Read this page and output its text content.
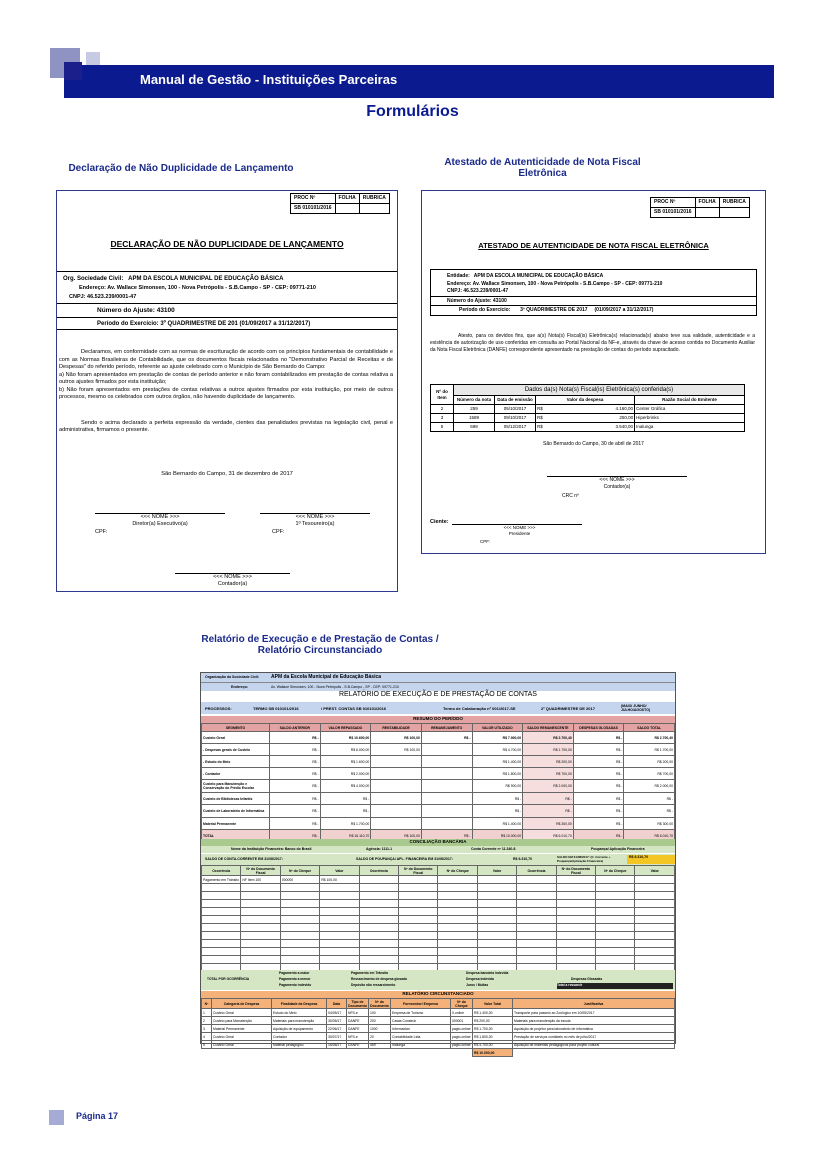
Manual de Gestão - Instituições Parceiras
Formulários
Declaração de Não Duplicidade de Lançamento
Atestado de Autenticidade de Nota Fiscal
Eletrônica
PROC Nº	FOLHA	RUBRICA
SB 010101/2016		
DECLARAÇÃO DE NÃO DUPLICIDADE DE LANÇAMENTO
Org. Sociedade Civil: APM DA ESCOLA MUNICIPAL DE EDUCAÇÃO BÁSICA
Endereço: Av. Wallace Simonsen, 100 - Nova Petrópolis - S.B.Campo - SP - CEP: 09771-210
CNPJ: 46.523.239/0001-47
Número do Ajuste: 43100
Período do Exercício: 3º QUADRIMESTRE DE 201 (01/09/2017 a 31/12/2017)
Declaramos, em conformidade com as normas de escrituração de acordo com os princípios fundamentais de contabilidade e com as Normas Brasileiras de Contabilidade, que os documentos fiscais relacionados no "Demonstrativo Parcial de Receitas e de Despesas" do referido período, referente ao ajuste celebrado com o Município de São Bernardo do Campo:
a) Não foram apresentados em prestação de contas de período anterior e não foram contabilizados em prestação de contas relativa a outros ajustes firmados por esta instituição;
b) Não foram apresentados em prestações de contas relativas a outros ajustes firmados por esta instituição, por meio de outros processos, mesmo os celebrados com outros órgãos, não havendo duplicidade de lançamento.
Sendo o acima declarado a perfeita expressão da verdade, cientes das penalidades previstas na legislação civil, penal e administrativa, firmamos o presente.
São Bernardo do Campo, 31 de dezembro de 2017
<<< NOME >>>
Diretor(a) Executivo(a)
CPF:
<<< NOME >>>
1º Tesoureiro(a)
CPF:
<<< NOME >>>
Contador(a)
PROC Nº	FOLHA	RUBRICA
SB 010101/2016		
ATESTADO DE AUTENTICIDADE DE NOTA FISCAL ELETRÔNICA
Entidade: APM DA ESCOLA MUNICIPAL DE EDUCAÇÃO BÁSICA
Endereço: Av. Wallace Simonsen, 100 - Nova Petrópolis - S.B.Campo - SP - CEP: 09771-210
CNPJ: 46.523.239/0001-47
Número do Ajuste: 43100
Período do Exercício: 3º QUADRIMESTRE DE 2017 (01/09/2017 a 31/12/2017)
Atesto, para os devidos fins, que a(s) Nota(s) Fiscal(is) Eletrônica(s) relacionada(s) abaixo teve sua validade, autenticidade e a existência de autorização de uso conferidas em consulta ao Portal Nacional da NF-e, através da chave de acesso contida no Documento Auxiliar da Nota Fiscal Eletrônica (DANFE) correspondente apresentado na prestação de contas do período supracitado.
Nº do Item	Dados da(s) Nota(s) Fiscal(is) Eletrônica(s) conferida(s)				
	Número da nota	Data de emissão	Valor da despesa		Razão Social do Emitente
2	259	05/10/2017	R$	4.160,00	Center Gráfica
3	1589	09/10/2017	R$	250,00	Hiperbrinks
5	698	05/12/2017	R$	3.540,00	Inalunga
São Bernardo do Campo, 30 de abril de 2017
<<< NOME >>>
Contador(a)
CRC nº
Ciente:
<<< NOME >>>
Presidente
CPF:
Relatório de Execução e de Prestação de Contas /
Relatório Circunstanciado
Organização da Sociedade Civil: APM da Escola Municipal de Educação Básica
Endereço:	Av. Wallace Simonsen, 100 - Nova Petrópolis - S.B.Campo - SP - CEP: 09771-210
RELATÓRIO DE EXECUÇÃO E DE PRESTAÇÃO DE CONTAS
PROCESSOS:	TERMO SB 010101/2016	/ PREST. CONTAS SB 010101/2016	Termo de Colaboração nº 001/2017-SE	2º QUADRIMESTRE DE 2017	(MAIO/ JUNHO/ JULHO/AGOSTO)
RESUMO DO PERÍODO
SEGMENTO	SALDO ANTERIOR	VALOR REPASSADO	RENTABILIDADE	REMANEJAMENTO	VALOR UTILIZADO	SALDO REMANESCENTE	DESPESAS GLOSADAS	SALDO TOTAL
Custeio Geral	R$ -	R$ 10.600,00	R$ 100,00	R$ -	R$ 7.900,00	R$ 2.700,40	R$ -	R$ 2.700,40
- Despesas gerais de Custeio	R$ -	R$ 6.000,00	R$ 100,00		R$ 4.700,00	R$ 1.700,00	R$ -	R$ 1.700,00
- Estudo do Meio	R$ -	R$ 1.600,00			R$ 1.400,00	R$ 200,00	R$ -	R$ 200,00
- Contador	R$ -	R$ 2.000,00			R$ 1.800,00	R$ 700,00	R$ -	R$ 700,00
Custeio para Manutenção e Conservação do Prédio Escolar	R$ -	R$ 4.000,00			R$ 900,00	R$ 2.000,00	R$ -	R$ 2.000,00
Custeio de Bibliotecas Infantis	R$ -	R$ -			R$ -	R$ -	R$ -	R$ -
Custeio de Laboratório de Informática	R$ -	R$ -			R$ -	R$ -	R$ -	R$ -
Material Permanente	R$ -	R$ 1.700,00			R$ 1.400,00	R$ 300,00	R$ -	R$ 300,00
TOTAL	R$ -	R$ 16.110,70	R$ 100,00	R$ -	R$ 10.000,00	R$ 6.010,70	R$ -	R$ 6.010,70
CONCILIAÇÃO BANCÁRIA
Nome da Instituição Financeira: Banco do Brasil	Agência: 1111-1	Conta Corrente nº 11.340-8	Poupança/ Aplicação Financeira
SALDO DE CONTA-CORRENTE EM 31/08/2017:	SALDO DE POUPANÇA/ APL. FINANCEIRA EM 31/08/2017:	R$ 6.310,70	SALDO EM 31/08/2017: (C. Corrente + Poupança/Aplicação Financeira)
R$ 6.310,70
Ocorrência	Nº do Documento Fiscal	Nº do Cheque	Valor	Ocorrência	Nº do Documento Fiscal	Nº do Cheque	Valor	Ocorrência	Nº do Documento Fiscal	Nº do Cheque	Valor
Pagamento em Trânsito	NF Item 100	000000	R$ 100,00								

TOTAL POR OCORRÊNCIA
Pagamento a maior	Pagamento em Trânsito	Despesa bancária indevida
Pagamento a menor	Ressarcimento de despesa glosada	Despesa indevida
Pagamento indevido	Depósito não ressarcimento	Juros / Multas
Despesas Glosadas
Total a ressarcir
RELATÓRIO CIRCUNSTANCIADO
Nº	Categoria de Despesa	Finalidade da Despesa	Data	Tipo de Documento	Nº do Documento	Fornecedor/ Empresa	Nº do Cheque	Valor Total	Justificativa
1	Custeio Geral	Estudo do Meio	04/05/17	NFS-e	100	Empresa de Turismo	0-online	R$ 1.400,00	Transporte para passeio ao Zoológico em 10/05/2017
2	Custeio para Manutenção	Materiais para manutenção	30/05/17	DANFE	200	Casas Construir	000001	R$ 200,00	Materiais para manutenção da escola
3	Material Permanente	Aquisição de equipamento	22/06/17	DANFE	1000	Informaxlan	pagto online	R$ 1.700,00	Aquisição de projetor para laboratório de informática
4	Custeio Geral	Contador	30/07/17	NFS-e	20	Contabilidade Ltda.	pagto online	R$ 1.800,00	Prestação de serviços contábeis no mês de julho/2017
5	Custeio Geral	Material pedagógico	15/08/17	DANFE	459	Inalunga	pagto online	R$ 4.700,00	Aquisição de materiais pedagógicos para projeto cultural
								R$ 10.000,00	
Página 17
